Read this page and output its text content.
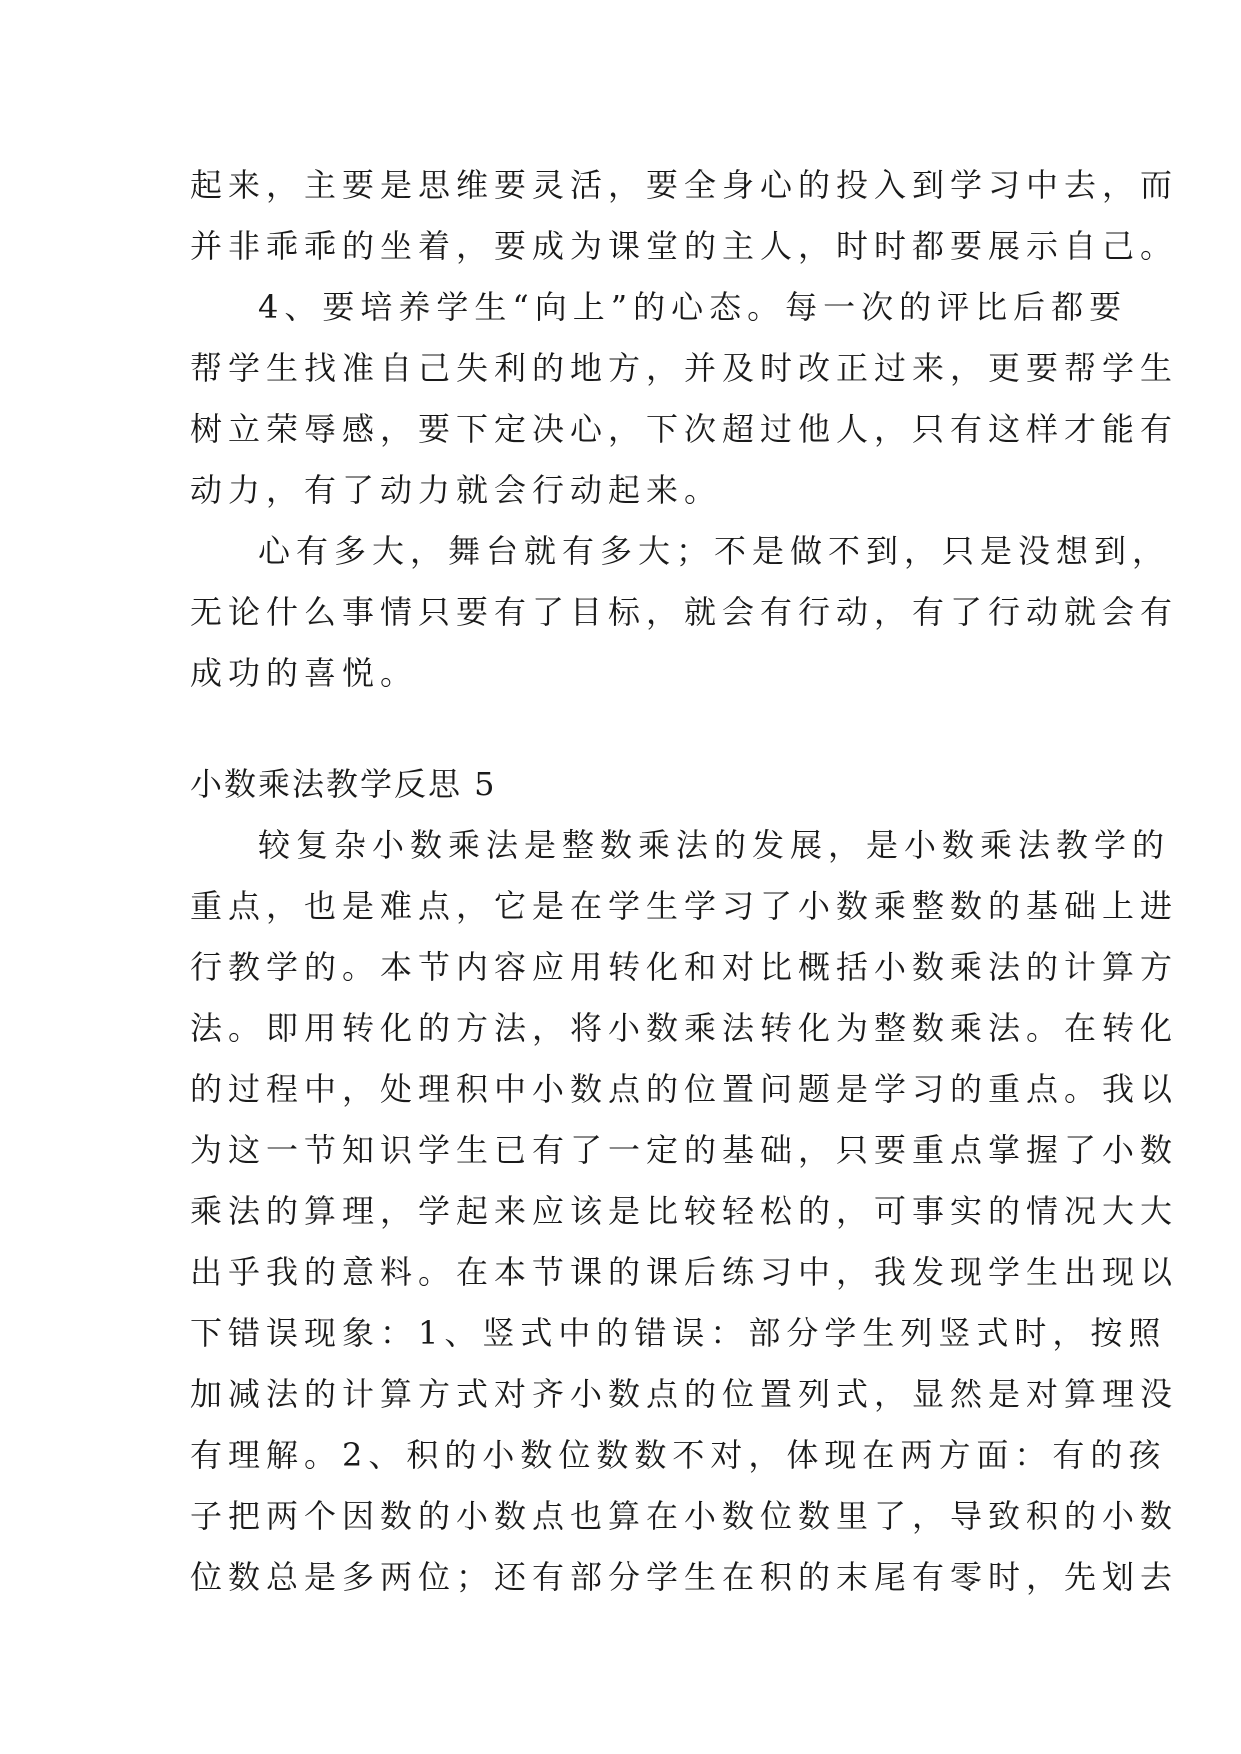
起来，主要是思维要灵活，要全身心的投入到学习中去，而
并非乖乖的坐着，要成为课堂的主人，时时都要展示自己。
4、要培养学生“向上”的心态。每一次的评比后都要
帮学生找准自己失利的地方，并及时改正过来，更要帮学生
树立荣辱感，要下定决心，下次超过他人，只有这样才能有
动力，有了动力就会行动起来。
心有多大，舞台就有多大；不是做不到，只是没想到，
无论什么事情只要有了目标，就会有行动，有了行动就会有
成功的喜悦。
小数乘法教学反思 5
较复杂小数乘法是整数乘法的发展，是小数乘法教学的
重点，也是难点，它是在学生学习了小数乘整数的基础上进
行教学的。本节内容应用转化和对比概括小数乘法的计算方
法。即用转化的方法，将小数乘法转化为整数乘法。在转化
的过程中，处理积中小数点的位置问题是学习的重点。我以
为这一节知识学生已有了一定的基础，只要重点掌握了小数
乘法的算理，学起来应该是比较轻松的，可事实的情况大大
出乎我的意料。在本节课的课后练习中，我发现学生出现以
下错误现象：1、竖式中的错误：部分学生列竖式时，按照
加减法的计算方式对齐小数点的位置列式，显然是对算理没
有理解。2、积的小数位数数不对，体现在两方面：有的孩
子把两个因数的小数点也算在小数位数里了，导致积的小数
位数总是多两位；还有部分学生在积的末尾有零时，先划去
